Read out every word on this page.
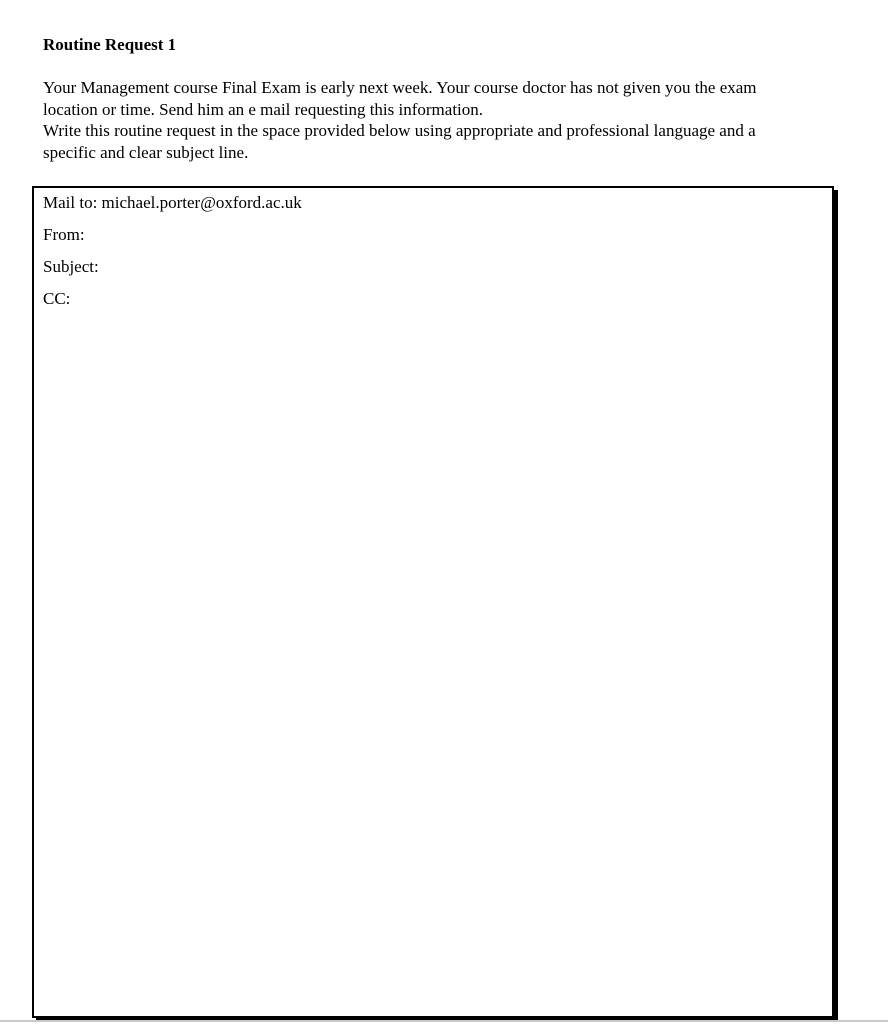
Routine Request 1
Your Management course Final Exam is early next week. Your course doctor has not given you the exam
location or time. Send him an e mail requesting this information.
Write this routine request in the space provided below using appropriate and professional language and a
specific and clear subject line.
Mail to: michael.porter@oxford.ac.uk
From:
Subject:
CC:
